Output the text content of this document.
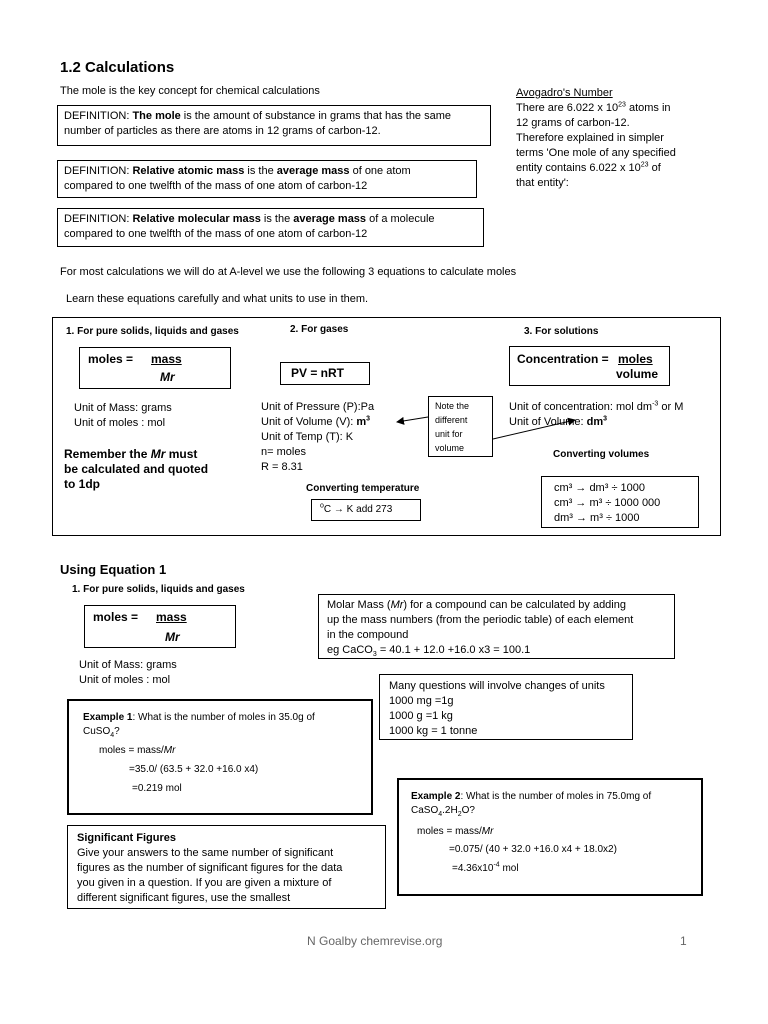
1.2 Calculations
The mole is the key concept for chemical calculations
DEFINITION: The mole is the amount of substance in grams that has the same
number of particles as there are atoms in 12 grams of carbon-12.
DEFINITION: Relative atomic mass is the average mass of one atom
compared to one twelfth of the mass of one atom of carbon-12
DEFINITION: Relative molecular mass is the average mass of a molecule
compared to one twelfth of the mass of one atom of carbon-12
Avogadro's Number
There are 6.022 x $10^{23}$ atoms in
12 grams of carbon-12.
Therefore explained in simpler
terms 'One mole of any specified
entity contains 6.022 x $10^{23}$ of
that entity':
For most calculations we will do at A-level we use the following 3 equations to calculate moles
Learn these equations carefully and what units to use in them.
1. For pure solids, liquids and gases
moles = mass
Mr
Unit of Mass: grams
Unit of moles : mol
Remember the Mr must
be calculated and quoted
to 1dp
2. For gases
PV = nRT
Unit of Pressure (P):Pa
Unit of Volume (V): $m^3$
Unit of Temp (T): K
n= moles
R = 8.31
Note the
different
unit for
volume
Converting temperature
$^o$C → K add 273
3. For solutions
Concentration = moles
volume
Unit of concentration: mol $dm^{-3}$ or M
Unit of Volume: $dm^3$
Converting volumes
cm³ → dm³ ÷ 1000
cm³ → m³ ÷ 1000 000
dm³ → m³ ÷ 1000
Using Equation 1
1. For pure solids, liquids and gases
moles = mass
Mr
Unit of Mass: grams
Unit of moles : mol
Molar Mass (Mr) for a compound can be calculated by adding
up the mass numbers (from the periodic table) of each element
in the compound
eg CaCO$_3$ = 40.1 + 12.0 +16.0 x3 = 100.1
Many questions will involve changes of units
1000 mg =1g
1000 g =1 kg
1000 kg = 1 tonne
Example 1: What is the number of moles in 35.0g of
CuSO$_4$?
moles = mass/Mr
=35.0/ (63.5 + 32.0 +16.0 x4)
=0.219 mol
Example 2: What is the number of moles in 75.0mg of
$CaSO_4.2H_2O$?
moles = mass/Mr
=0.075/ (40 + 32.0 +16.0 x4 + 18.0x2)
$=4.36x10^{-4}$ mol
Significant Figures
Give your answers to the same number of significant
figures as the number of significant figures for the data
you given in a question. If you are given a mixture of
different significant figures, use the smallest
N Goalby chemrevise.org	1
